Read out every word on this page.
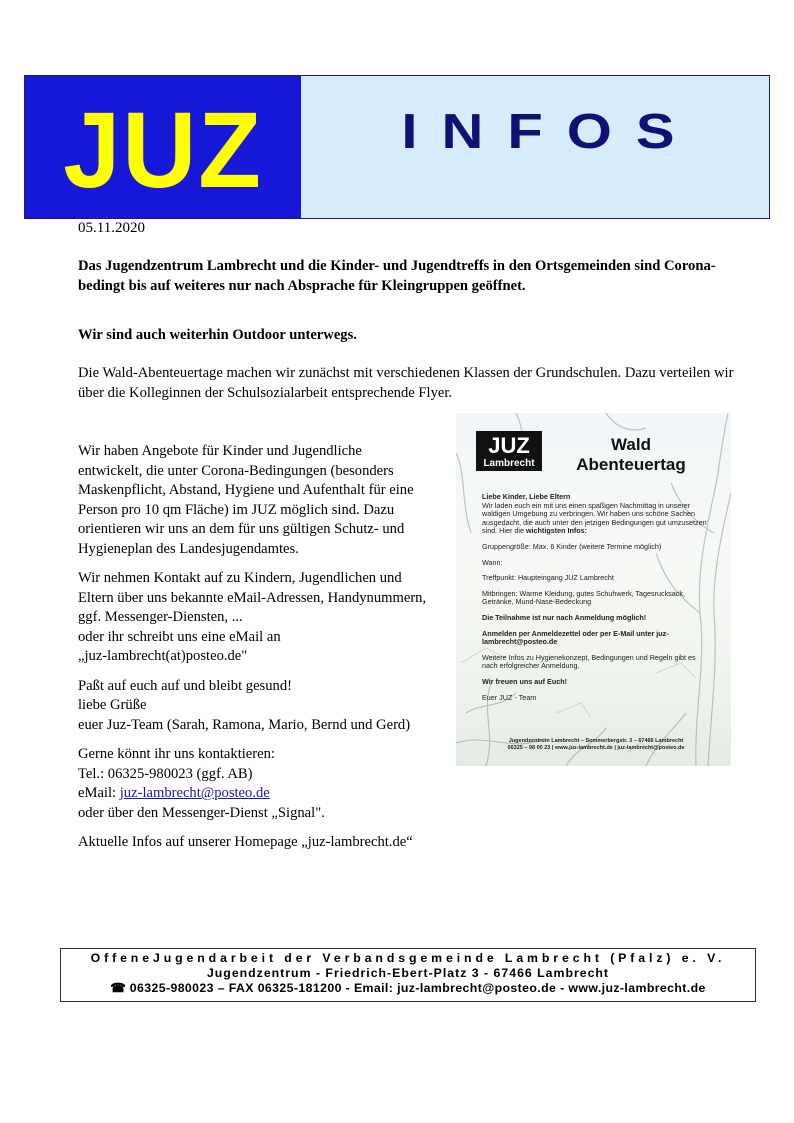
JUZ INFOS
05.11.2020
Das Jugendzentrum Lambrecht und die Kinder- und Jugendtreffs in den Ortsgemeinden sind Corona-bedingt bis auf weiteres nur nach Absprache für Kleingruppen geöffnet.
Wir sind auch weiterhin Outdoor unterwegs.
Die Wald-Abenteuertage machen wir zunächst mit verschiedenen Klassen der Grundschulen. Dazu verteilen wir über die Kolleginnen der Schulsozialarbeit entsprechende Flyer.

Wir haben Angebote für Kinder und Jugendliche entwickelt, die unter Corona-Bedingungen (besonders Maskenpflicht, Abstand, Hygiene und Aufenthalt für eine Person pro 10 qm Fläche) im JUZ möglich sind. Dazu orientieren wir uns an dem für uns gültigen Schutz- und Hygieneplan des Landesjugendamtes.

Wir nehmen Kontakt auf zu Kindern, Jugendlichen und Eltern über uns bekannte eMail-Adressen, Handynummern, ggf. Messenger-Diensten, ...
oder ihr schreibt uns eine eMail an
„juz-lambrecht(at)posteo.de"

Paßt auf euch auf und bleibt gesund!
liebe Grüße
euer Juz-Team (Sarah, Ramona, Mario, Bernd und Gerd)

Gerne könnt ihr uns kontaktieren:
Tel.: 06325-980023 (ggf. AB)
eMail: juz-lambrecht@posteo.de
oder über den Messenger-Dienst „Signal".

Aktuelle Infos auf unserer Homepage „juz-lambrecht.de“

JUZ
Lambrecht
Wald
Abenteuertag
Liebe Kinder, Liebe Eltern
Wir laden euch ein mit uns einen spaßigen Nachmittag in unserer waldigen Umgebung zu verbringen. Wir haben uns schöne Sachen ausgedacht, die auch unter den jetzigen Bedingungen gut umzusetzen sind. Hier die wichtigsten Infos:
Gruppengröße: Max. 6 Kinder (weitere Termine möglich)
Wann:
Treffpunkt: Haupteingang JUZ Lambrecht
Mitbringen: Warme Kleidung, gutes Schuhwerk, Tagesrucksack, Getränke, Mund-Nase-Bedeckung
Die Teilnahme ist nur nach Anmeldung möglich!
Anmelden per Anmeldezettel oder per E-Mail unter juz-lambrecht@posteo.de
Weitere Infos zu Hygienekonzept, Bedingungen und Regeln gibt es nach erfolgreicher Anmeldung.
Wir freuen uns auf Euch!
Euer JUZ - Team
Jugendzentrum Lambrecht – Sommerbergstr. 3 – 67466 Lambrecht
06325 – 98 00 23 | www.juz-lambrecht.de | juz-lambrecht@posteo.de
OffeneJugendarbeit der Verbandsgemeinde Lambrecht (Pfalz) e. V.
Jugendzentrum - Friedrich-Ebert-Platz 3 - 67466 Lambrecht
☎ 06325-980023 – FAX 06325-181200 - Email: juz-lambrecht@posteo.de - www.juz-lambrecht.de
